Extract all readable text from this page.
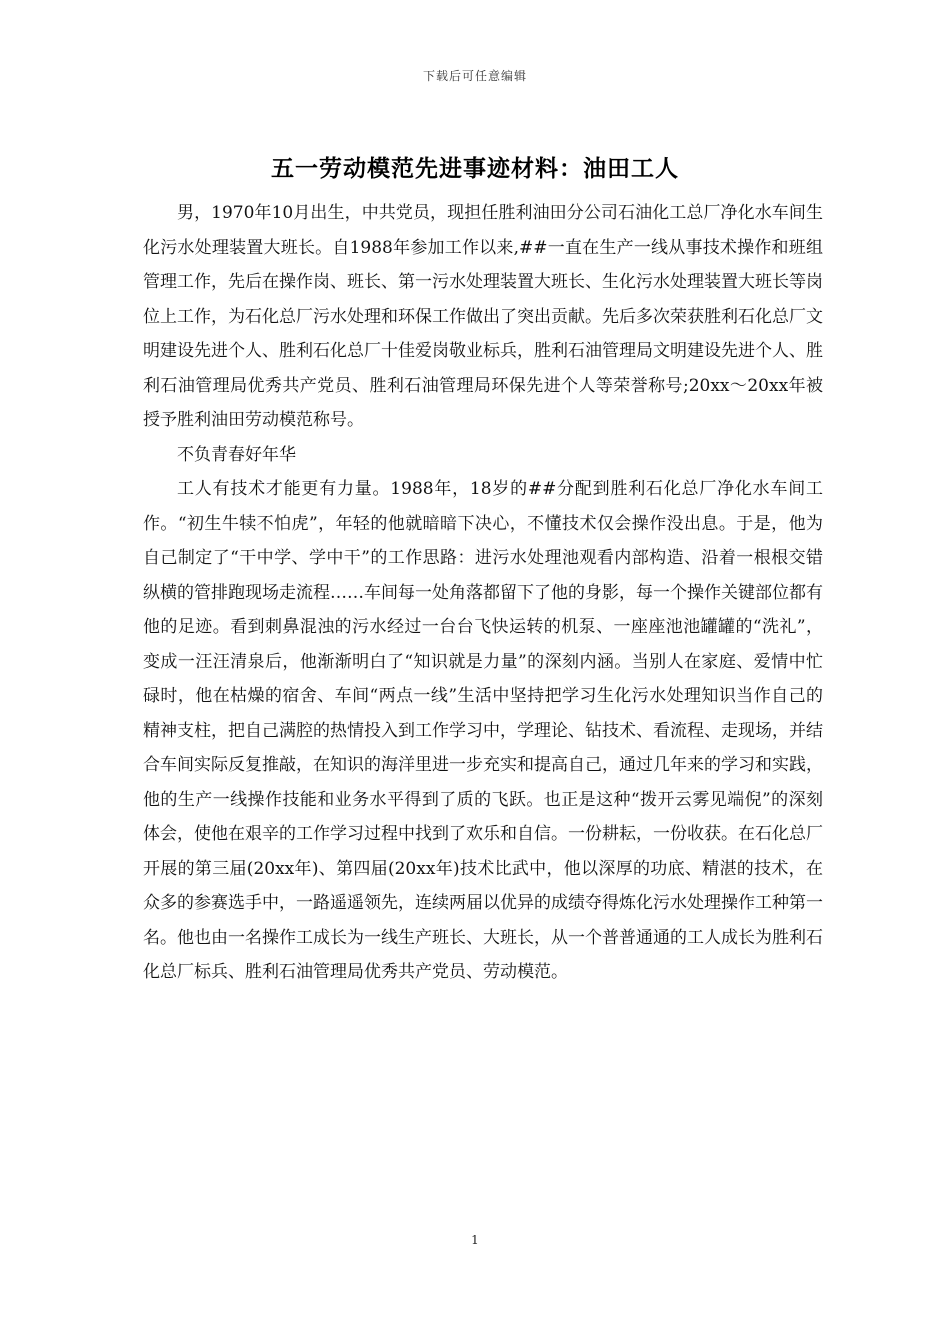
下载后可任意编辑
五一劳动模范先进事迹材料：油田工人

男，1970年10月出生，中共党员，现担任胜利油田分公司石油化工总厂净化水车间生化污水处理装置大班长。自1988年参加工作以来,##一直在生产一线从事技术操作和班组管理工作，先后在操作岗、班长、第一污水处理装置大班长、生化污水处理装置大班长等岗位上工作，为石化总厂污水处理和环保工作做出了突出贡献。先后多次荣获胜利石化总厂文明建设先进个人、胜利石化总厂十佳爱岗敬业标兵，胜利石油管理局文明建设先进个人、胜利石油管理局优秀共产党员、胜利石油管理局环保先进个人等荣誉称号;20xx～20xx年被授予胜利油田劳动模范称号。

不负青春好年华

工人有技术才能更有力量。1988年，18岁的##分配到胜利石化总厂净化水车间工作。“初生牛犊不怕虎”，年轻的他就暗暗下决心，不懂技术仅会操作没出息。于是，他为自己制定了“干中学、学中干”的工作思路：进污水处理池观看内部构造、沿着一根根交错纵横的管排跑现场走流程……车间每一处角落都留下了他的身影，每一个操作关键部位都有他的足迹。看到刺鼻混浊的污水经过一台台飞快运转的机泵、一座座池池罐罐的“洗礼”，变成一汪汪清泉后，他渐渐明白了“知识就是力量”的深刻内涵。当别人在家庭、爱情中忙碌时，他在枯燥的宿舍、车间“两点一线”生活中坚持把学习生化污水处理知识当作自己的精神支柱，把自己满腔的热情投入到工作学习中，学理论、钻技术、看流程、走现场，并结合车间实际反复推敲，在知识的海洋里进一步充实和提高自己，通过几年来的学习和实践，他的生产一线操作技能和业务水平得到了质的飞跃。也正是这种“拨开云雾见端倪”的深刻体会，使他在艰辛的工作学习过程中找到了欢乐和自信。一份耕耘，一份收获。在石化总厂开展的第三届(20xx年)、第四届(20xx年)技术比武中，他以深厚的功底、精湛的技术，在众多的参赛选手中，一路遥遥领先，连续两届以优异的成绩夺得炼化污水处理操作工种第一名。他也由一名操作工成长为一线生产班长、大班长，从一个普普通通的工人成长为胜利石化总厂标兵、胜利石油管理局优秀共产党员、劳动模范。

1
